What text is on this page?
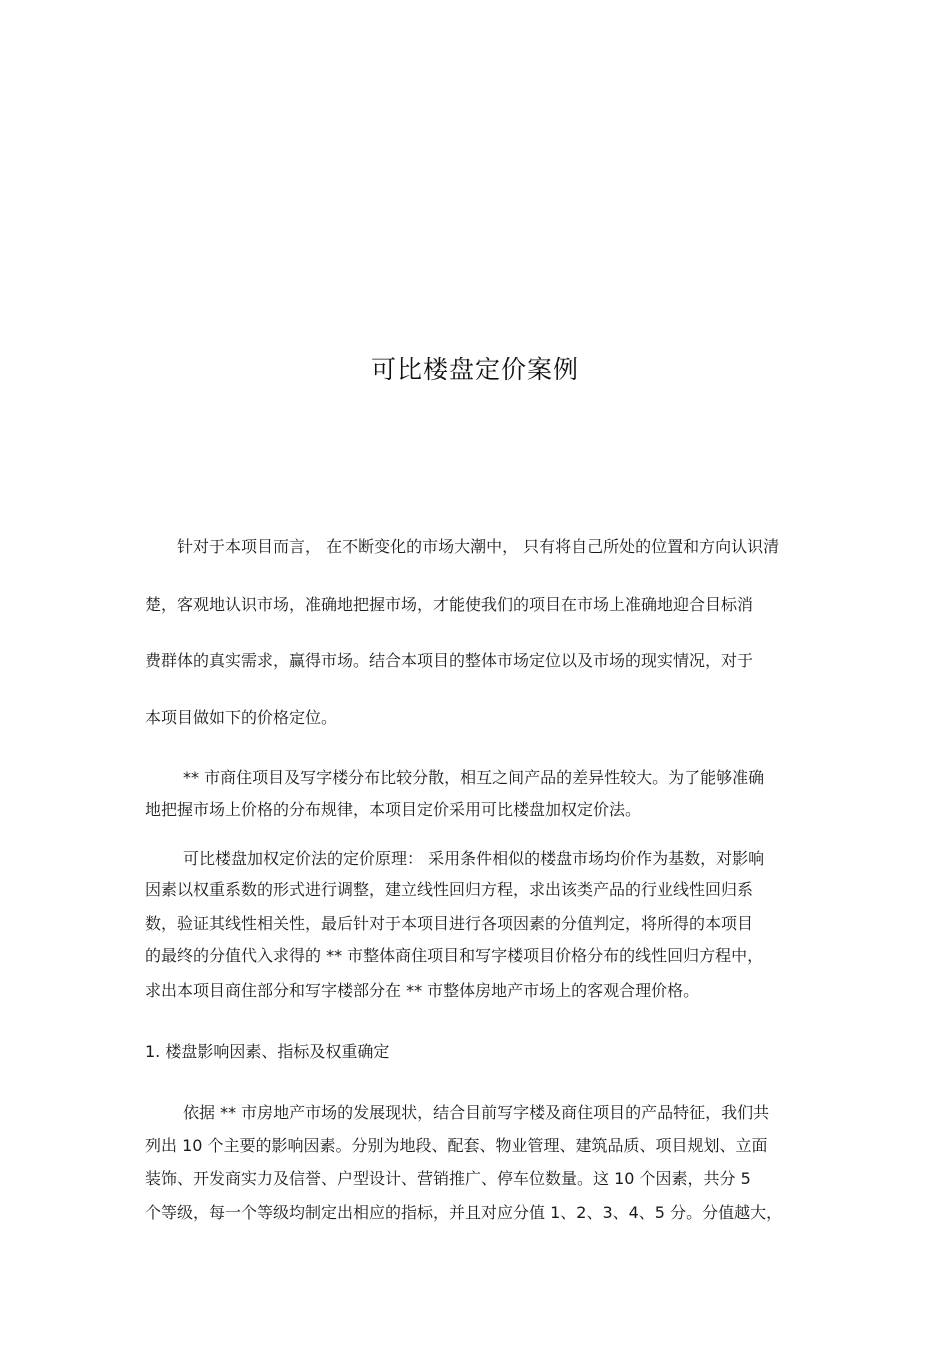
可比楼盘定价案例
针对于本项目而言， 在不断变化的市场大潮中， 只有将自己所处的位置和方向认识清
楚，客观地认识市场，准确地把握市场，才能使我们的项目在市场上准确地迎合目标消
费群体的真实需求，赢得市场。结合本项目的整体市场定位以及市场的现实情况，对于
本项目做如下的价格定位。
** 市商住项目及写字楼分布比较分散，相互之间产品的差异性较大。为了能够准确
地把握市场上价格的分布规律，本项目定价采用可比楼盘加权定价法。
可比楼盘加权定价法的定价原理： 采用条件相似的楼盘市场均价作为基数，对影响
因素以权重系数的形式进行调整，建立线性回归方程，求出该类产品的行业线性回归系
数，验证其线性相关性，最后针对于本项目进行各项因素的分值判定，将所得的本项目
的最终的分值代入求得的 ** 市整体商住项目和写字楼项目价格分布的线性回归方程中，
求出本项目商住部分和写字楼部分在 ** 市整体房地产市场上的客观合理价格。
1. 楼盘影响因素、指标及权重确定
依据 ** 市房地产市场的发展现状，结合目前写字楼及商住项目的产品特征，我们共
列出 10 个主要的影响因素。分别为地段、配套、物业管理、建筑品质、项目规划、立面
装饰、开发商实力及信誉、户型设计、营销推广、停车位数量。这 10 个因素，共分 5
个等级，每一个等级均制定出相应的指标，并且对应分值 1、2、3、4、5 分。分值越大，
